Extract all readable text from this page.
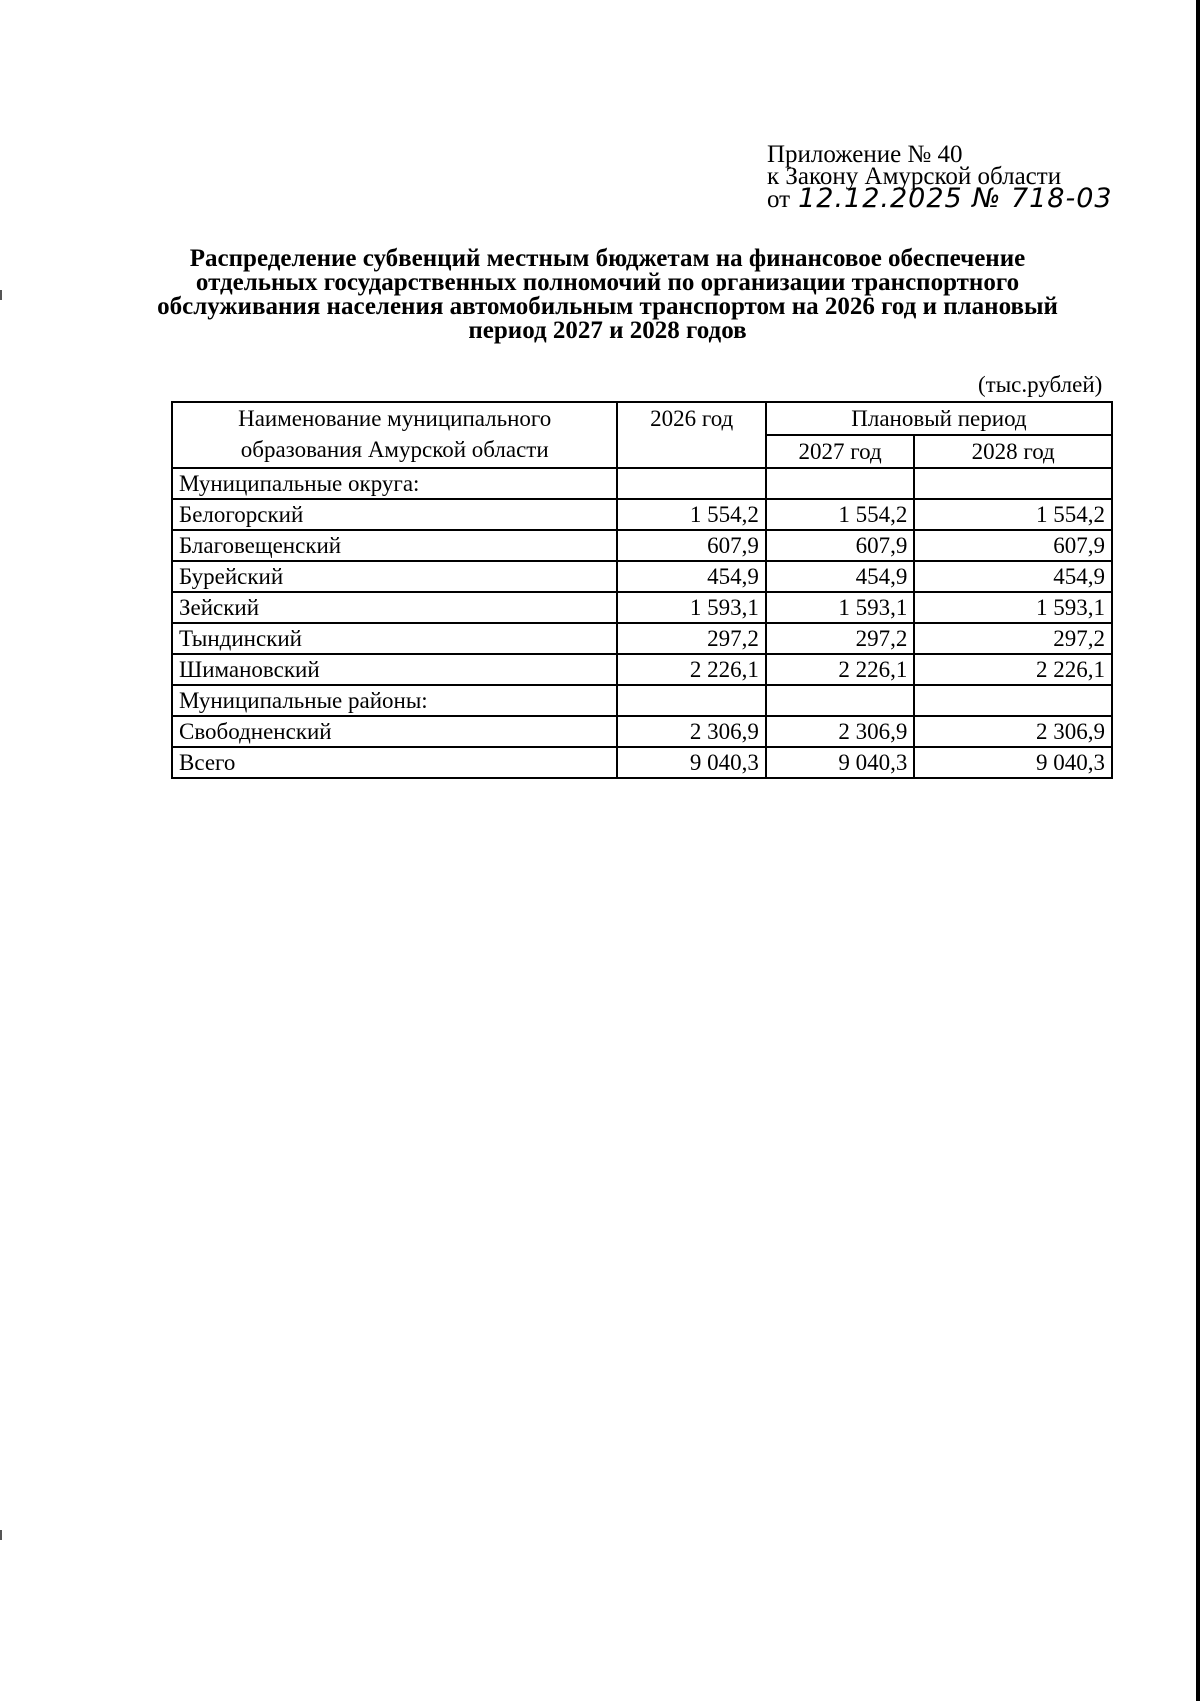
Приложение № 40
к Закону Амурской области
от 12.12.2025 № 718-03
Распределение субвенций местным бюджетам на финансовое обеспечение отдельных государственных полномочий по организации транспортного обслуживания населения автомобильным транспортом на 2026 год и плановый период 2027 и 2028 годов
(тыс.рублей)
Наименование муниципального образования Амурской области	2026 год	Плановый период	
		2027 год	2028 год
Муниципальные округа:			
Белогорский	1 554,2	1 554,2	1 554,2
Благовещенский	607,9	607,9	607,9
Бурейский	454,9	454,9	454,9
Зейский	1 593,1	1 593,1	1 593,1
Тындинский	297,2	297,2	297,2
Шимановский	2 226,1	2 226,1	2 226,1
Муниципальные районы:			
Свободненский	2 306,9	2 306,9	2 306,9
Всего	9 040,3	9 040,3	9 040,3
